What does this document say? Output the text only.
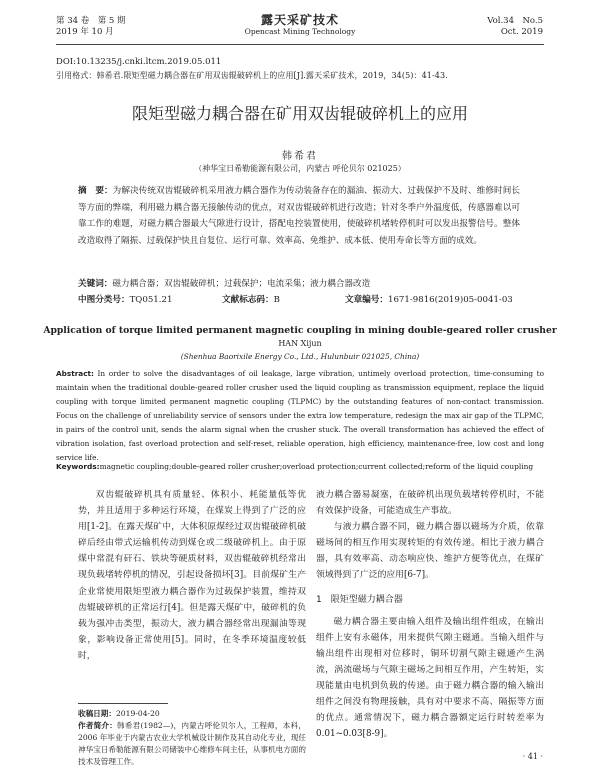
第 34 卷　第 5 期
2019 年 10 月
露天采矿技术
Opencast Mining Technology
Vol.34　No.5
Oct. 2019
DOI:10.13235/j.cnki.ltcm.2019.05.011
引用格式：韩希君.限矩型磁力耦合器在矿用双齿辊破碎机上的应用[J].露天采矿技术，2019，34(5)：41-43.
限矩型磁力耦合器在矿用双齿辊破碎机上的应用
韩希君
（神华宝日希勒能源有限公司，内蒙古 呼伦贝尔 021025）
摘　要：为解决传统双齿辊破碎机采用液力耦合器作为传动装备存在的漏油、振动大、过载保护不及时、维修时间长等方面的弊端，利用磁力耦合器无接触传动的优点，对双齿辊破碎机进行改造；针对冬季户外温度低，传感器难以可靠工作的难题，对磁力耦合器最大气隙进行设计，搭配电控装置使用，使破碎机堵转停机时可以发出报警信号。整体改造取得了隔振、过载保护快且自复位、运行可靠、效率高、免维护、成本低、使用寿命长等方面的成效。
关键词：磁力耦合器；双齿辊破碎机；过载保护；电流采集；液力耦合器改造
中图分类号：TQ051.21	文献标志码：B	文章编号：1671-9816(2019)05-0041-03
Application of torque limited permanent magnetic coupling in mining double-geared roller crusher
HAN Xijun
(Shenhua Baorixile Energy Co., Ltd., Hulunbuir 021025, China)
Abstract: In order to solve the disadvantages of oil leakage, large vibration, untimely overload protection, time-consuming to maintain when the traditional double-geared roller crusher used the liquid coupling as transmission equipment, replace the liquid coupling with torque limited permanent magnetic coupling (TLPMC) by the outstanding features of non-contact transmission. Focus on the challenge of unreliability service of sensors under the extra low temperature, redesign the max air gap of the TLPMC, in pairs of the control unit, sends the alarm signal when the crusher stuck. The overall transformation has achieved the effect of vibration isolation, fast overload protection and self-reset, reliable operation, high efficiency, maintenance-free, low cost and long service life.
Keywords:magnetic coupling;double-geared roller crusher;overload protection;current collected;reform of the liquid coupling

双齿辊破碎机具有质量轻、体积小、耗能量低等优势，并且适用于多种运行环境，在煤炭上得到了广泛的应用[1-2]。在露天煤矿中，大体积原煤经过双齿辊破碎机破碎后经由带式运输机传动到煤仓或二级破碎机上。由于原煤中常混有矸石、铁块等硬质材料，双齿辊破碎机经常出现负载堵转停机的情况，引起设备损坏[3]。目前煤矿生产企业常使用限矩型液力耦合器作为过载保护装置，维持双齿辊破碎机的正常运行[4]。但是露天煤矿中，破碎机的负载为强冲击类型，振动大，液力耦合器经常出现漏油等现象，影响设备正常使用[5]。同时，在冬季环境温度较低时，

液力耦合器易凝塞，在破碎机出现负载堵转停机时，不能有效保护设备，可能造成生产事故。

与液力耦合器不同，磁力耦合器以磁场为介质，依靠磁场间的相互作用实现转矩的有效传递。相比于液力耦合器，具有效率高、动态响应快、维护方便等优点，在煤矿领域得到了广泛的应用[6-7]。

1　限矩型磁力耦合器

磁力耦合器主要由输入组件及输出组件组成，在输出组件上安有永磁体，用来提供气隙主磁通。当输入组件与输出组件出现相对位移时，铜环切割气隙主磁通产生涡流，涡流磁场与气隙主磁场之间相互作用，产生转矩，实现能量由电机到负载的传递。由于磁力耦合器的输入输出组件之间没有物理接触，具有对中要求不高、隔振等方面的优点。通常情况下，磁力耦合器额定运行时转差率为 0.01~0.03[8-9]。

收稿日期：2019-04-20
作者简介：韩希君(1982—)，内蒙古呼伦贝尔人，工程师，本科，2006 年毕业于内蒙古农业大学机械设计制作及其自动化专业，现任神华宝日希勒能源有限公司储装中心维修车间主任，从事机电方面的技术及管理工作。
· 41 ·
